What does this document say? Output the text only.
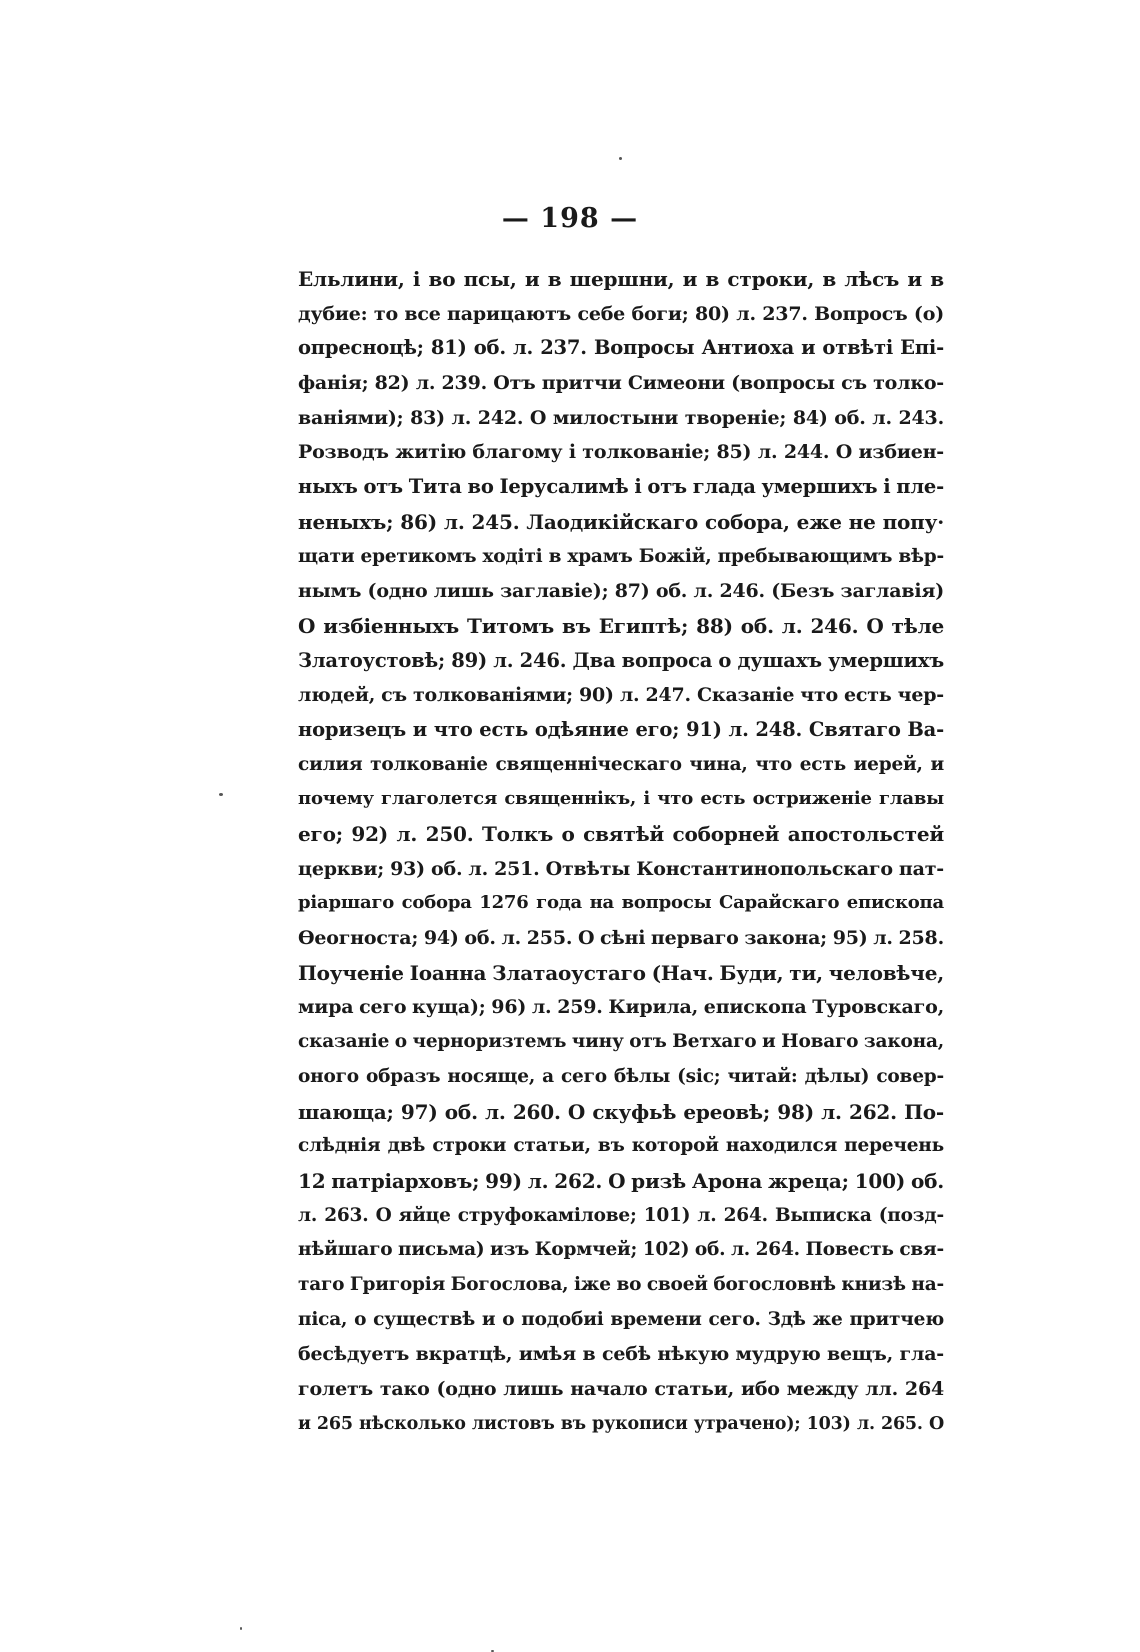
— 198 —
Ельлини, і во псы, и в шершни, и в строки, в лѣсъ и в
дубие: то все парицаютъ себе боги; 80) л. 237. Вопросъ (о)
опресноцѣ; 81) об. л. 237. Вопросы Антиоха и отвѣті Епі-
фанія; 82) л. 239. Отъ притчи Симеони (вопросы съ толко-
ваніями); 83) л. 242. О милостыни твореніе; 84) об. л. 243.
Розводъ житію благому і толкованіе; 85) л. 244. О избиен-
ныхъ отъ Тита во Іерусалимѣ і отъ глада умершихъ і пле-
неныхъ; 86) л. 245. Лаодикійскаго собора, еже не попу·
щати еретикомъ ходіті в храмъ Божій, пребывающимъ вѣр-
нымъ (одно лишь заглавіе); 87) об. л. 246. (Безъ заглавія)
О избіенныхъ Титомъ въ Египтѣ; 88) об. л. 246. О тѣле
Златоустовѣ; 89) л. 246. Два вопроса о душахъ умершихъ
людей, съ толкованіями; 90) л. 247. Сказаніе что есть чер-
норизецъ и что есть одѣяние его; 91) л. 248. Святаго Ва-
силия толкованіе священніческаго чина, что есть иерей, и
почему глаголется священнікъ, і что есть остриженіе главы
его; 92) л. 250. Толкъ о святѣй соборней апостольстей
церкви; 93) об. л. 251. Отвѣты Константинопольскаго пат-
ріаршаго собора 1276 года на вопросы Сарайскаго епископа
Ѳеогноста; 94) об. л. 255. О сѣні перваго закона; 95) л. 258.
Поученіе Іоанна Златаоустаго (Нач. Буди, ти, человѣче,
мира сего куща); 96) л. 259. Кирила, епископа Туровскаго,
сказаніе о черноризтемъ чину отъ Ветхаго и Новаго закона,
оного образъ носяще, а сего бѣлы (sic; читай: дѣлы) совер-
шающа; 97) об. л. 260. О скуфьѣ ереовѣ; 98) л. 262. По-
слѣднія двѣ строки статьи, въ которой находился перечень
12 патріарховъ; 99) л. 262. О ризѣ Арона жреца; 100) об.
л. 263. О яйце струфокамілове; 101) л. 264. Выписка (позд-
нѣйшаго письма) изъ Кормчей; 102) об. л. 264. Повесть свя-
таго Григорія Богослова, іже во своей богословнѣ книзѣ на-
піса, о существѣ и о подобиі времени сего. Здѣ же притчею
бесѣдуетъ вкратцѣ, имѣя в себѣ нѣкую мудрую вещъ, гла-
голетъ тако (одно лишь начало статьи, ибо между лл. 264
и 265 нѣсколько листовъ въ рукописи утрачено); 103) л. 265. О
